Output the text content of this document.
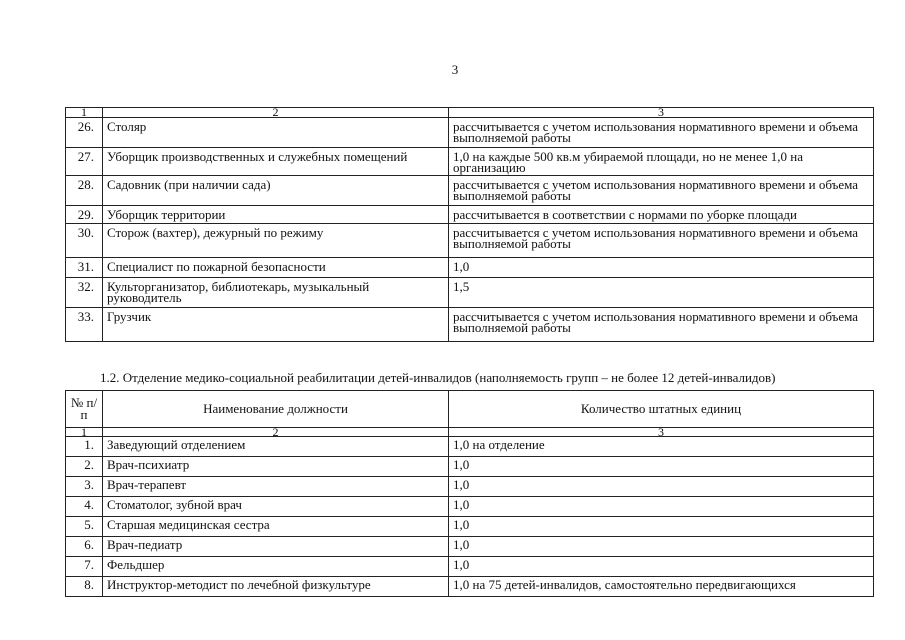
3
1	2	3
26.	Столяр	рассчитывается с учетом использования нормативного времени и объема выполняемой работы
27.	Уборщик производственных и служебных помещений	1,0 на каждые 500 кв.м убираемой площади, но не менее 1,0 на организацию
28.	Садовник (при наличии сада)	рассчитывается с учетом использования нормативного времени и объема выполняемой работы
29.	Уборщик территории	рассчитывается в соответствии с нормами по уборке площади
30.	Сторож (вахтер), дежурный по режиму	рассчитывается с учетом использования нормативного времени и объема выполняемой работы
31.	Специалист по пожарной безопасности	1,0
32.	Культорганизатор, библиотекарь, музыкальный руководитель	1,5
33.	Грузчик	рассчитывается с учетом использования нормативного времени и объема выполняемой работы
1.2. Отделение медико-социальной реабилитации детей-инвалидов (наполняемость групп – не более 12 детей-инвалидов)
№ п/п	Наименование должности	Количество штатных единиц
1	2	3
1.	Заведующий отделением	1,0 на отделение
2.	Врач-психиатр	1,0
3.	Врач-терапевт	1,0
4.	Стоматолог, зубной врач	1,0
5.	Старшая медицинская сестра	1,0
6.	Врач-педиатр	1,0
7.	Фельдшер	1,0
8.	Инструктор-методист по лечебной физкультуре	1,0 на 75 детей-инвалидов, самостоятельно передвигающихся
